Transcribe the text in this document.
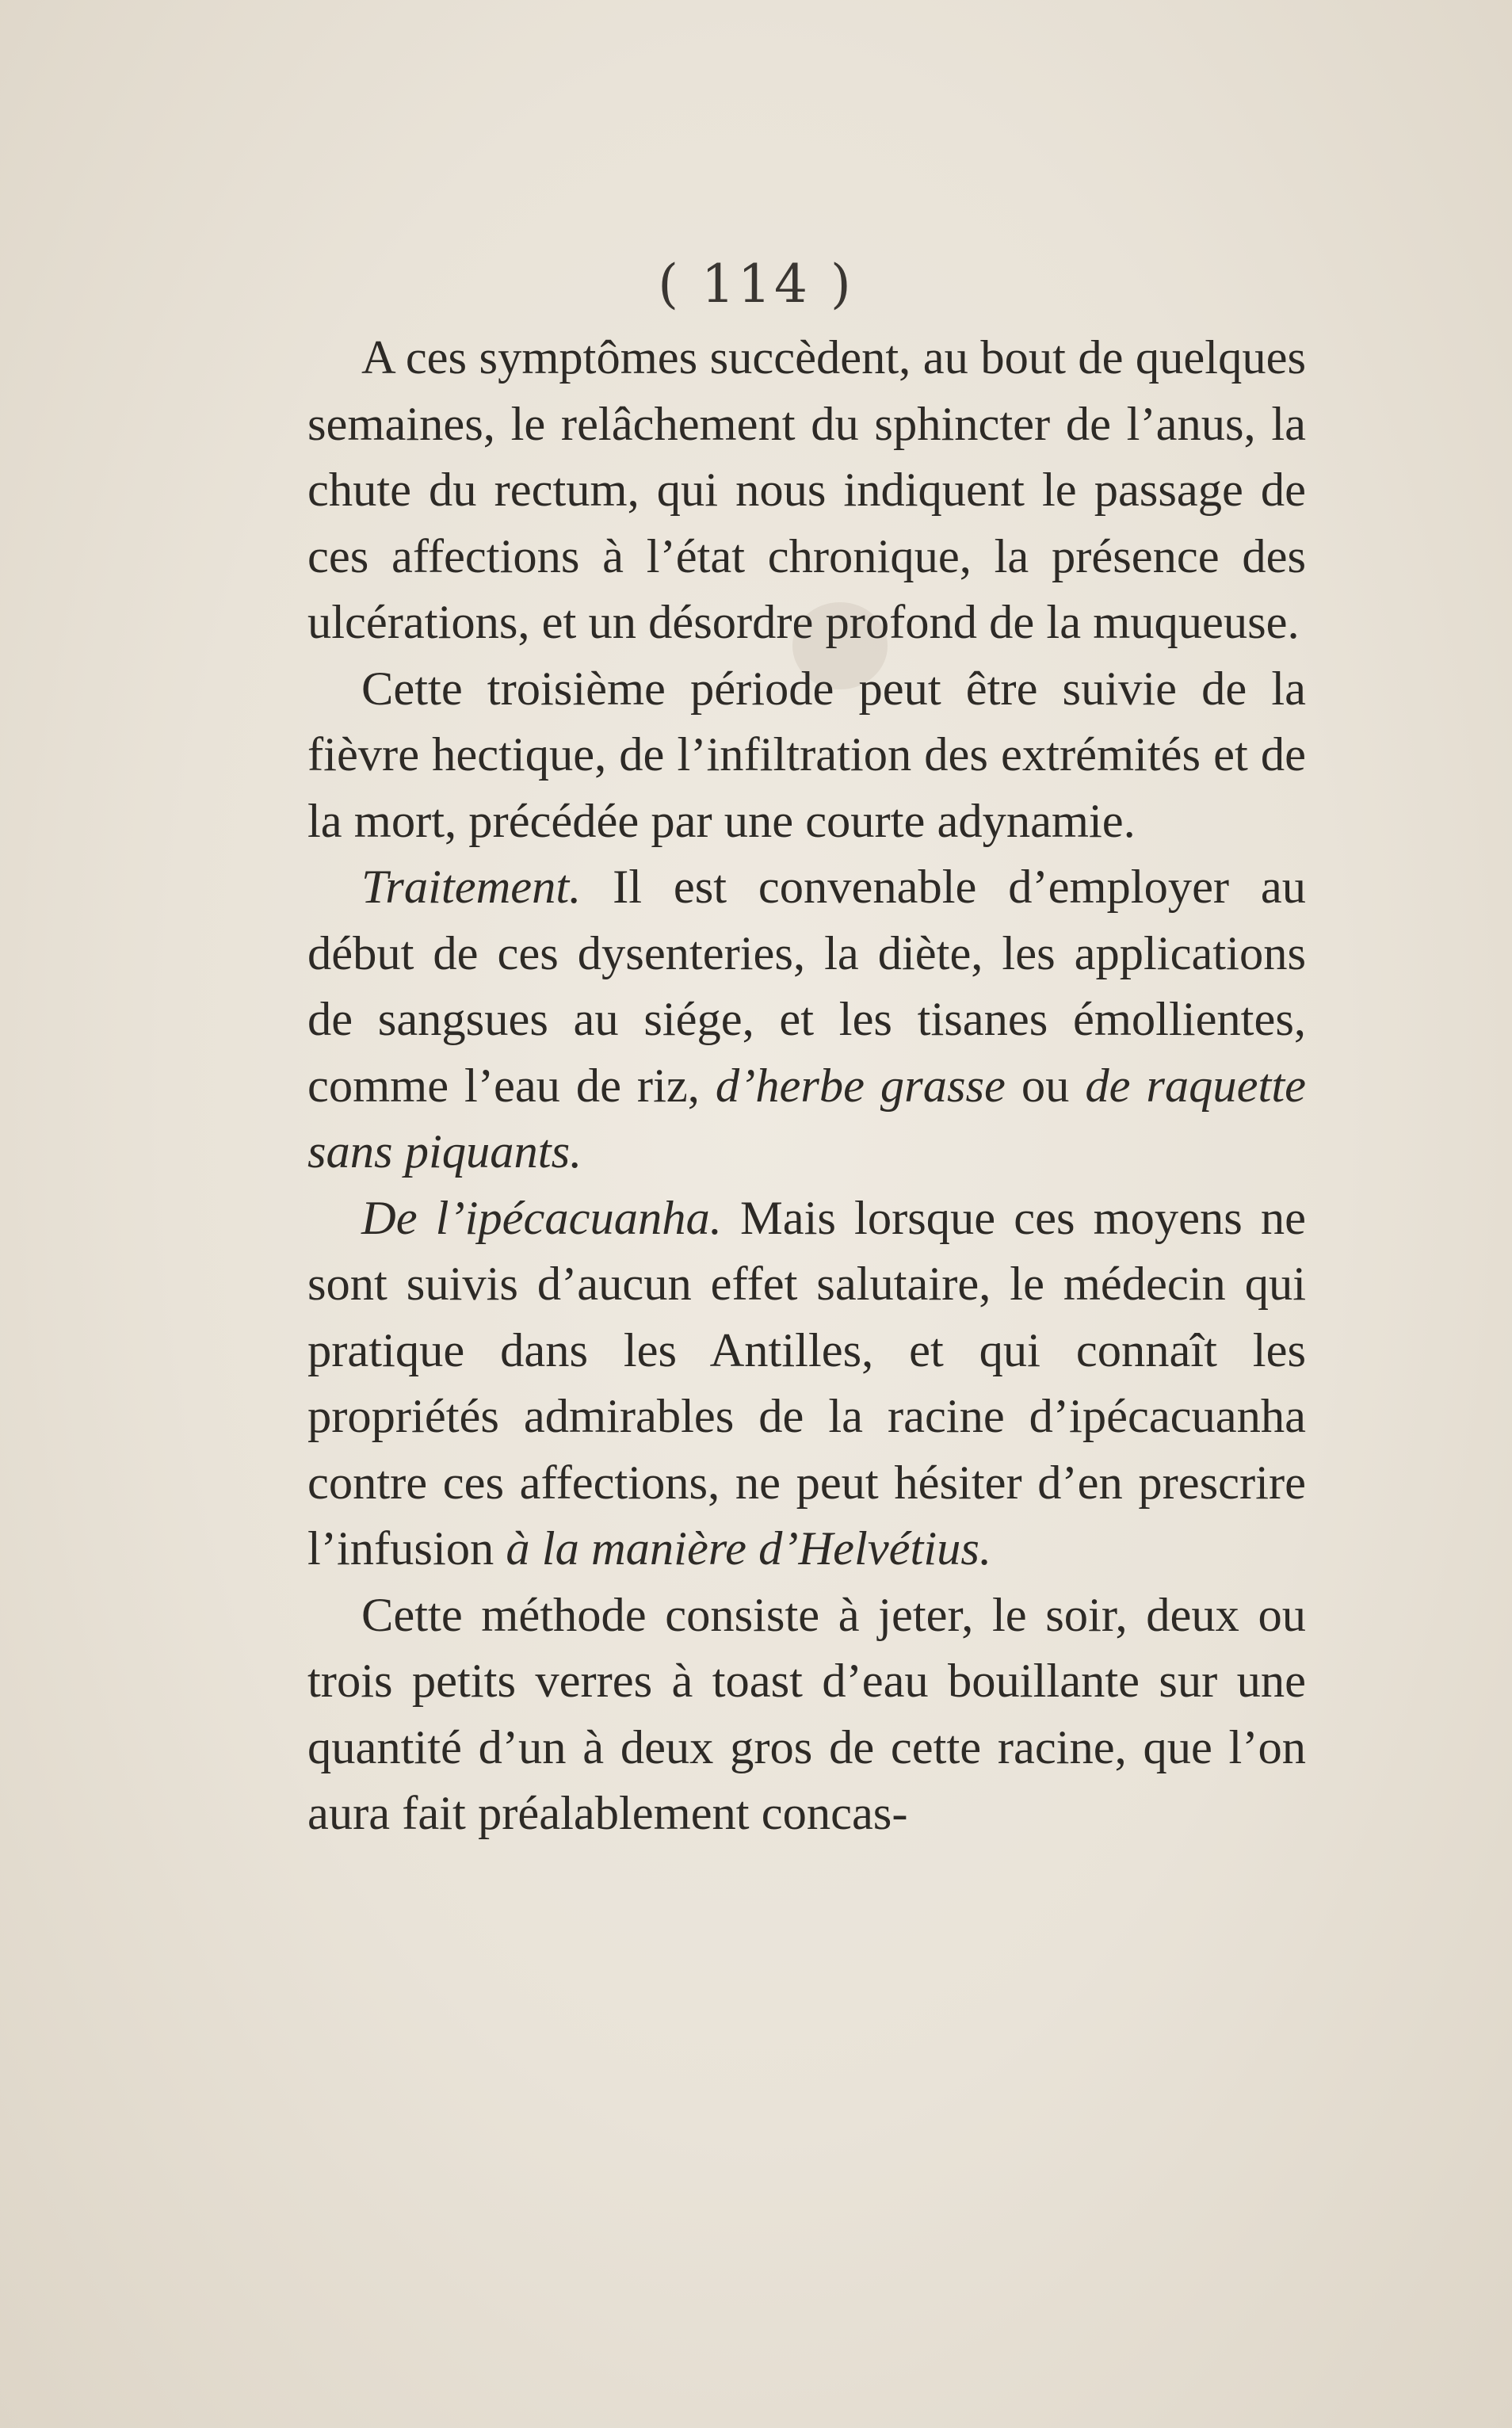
( 114 )

A ces symptômes succèdent, au bout de quelques semaines, le relâchement du sphincter de l’anus, la chute du rectum, qui nous indiquent le passage de ces affections à l’état chronique, la présence des ulcérations, et un désordre profond de la muqueuse.

Cette troisième période peut être suivie de la fièvre hectique, de l’infiltration des extrémités et de la mort, précédée par une courte adynamie.

Traitement. Il est convenable d’employer au début de ces dysenteries, la diète, les applications de sangsues au siége, et les tisanes émollientes, comme l’eau de riz, d’herbe grasse ou de raquette sans piquants.

De l’ipécacuanha. Mais lorsque ces moyens ne sont suivis d’aucun effet salutaire, le médecin qui pratique dans les Antilles, et qui connaît les propriétés admirables de la racine d’ipécacuanha contre ces affections, ne peut hésiter d’en prescrire l’infusion à la manière d’Helvétius.

Cette méthode consiste à jeter, le soir, deux ou trois petits verres à toast d’eau bouillante sur une quantité d’un à deux gros de cette racine, que l’on aura fait préalablement concas-
